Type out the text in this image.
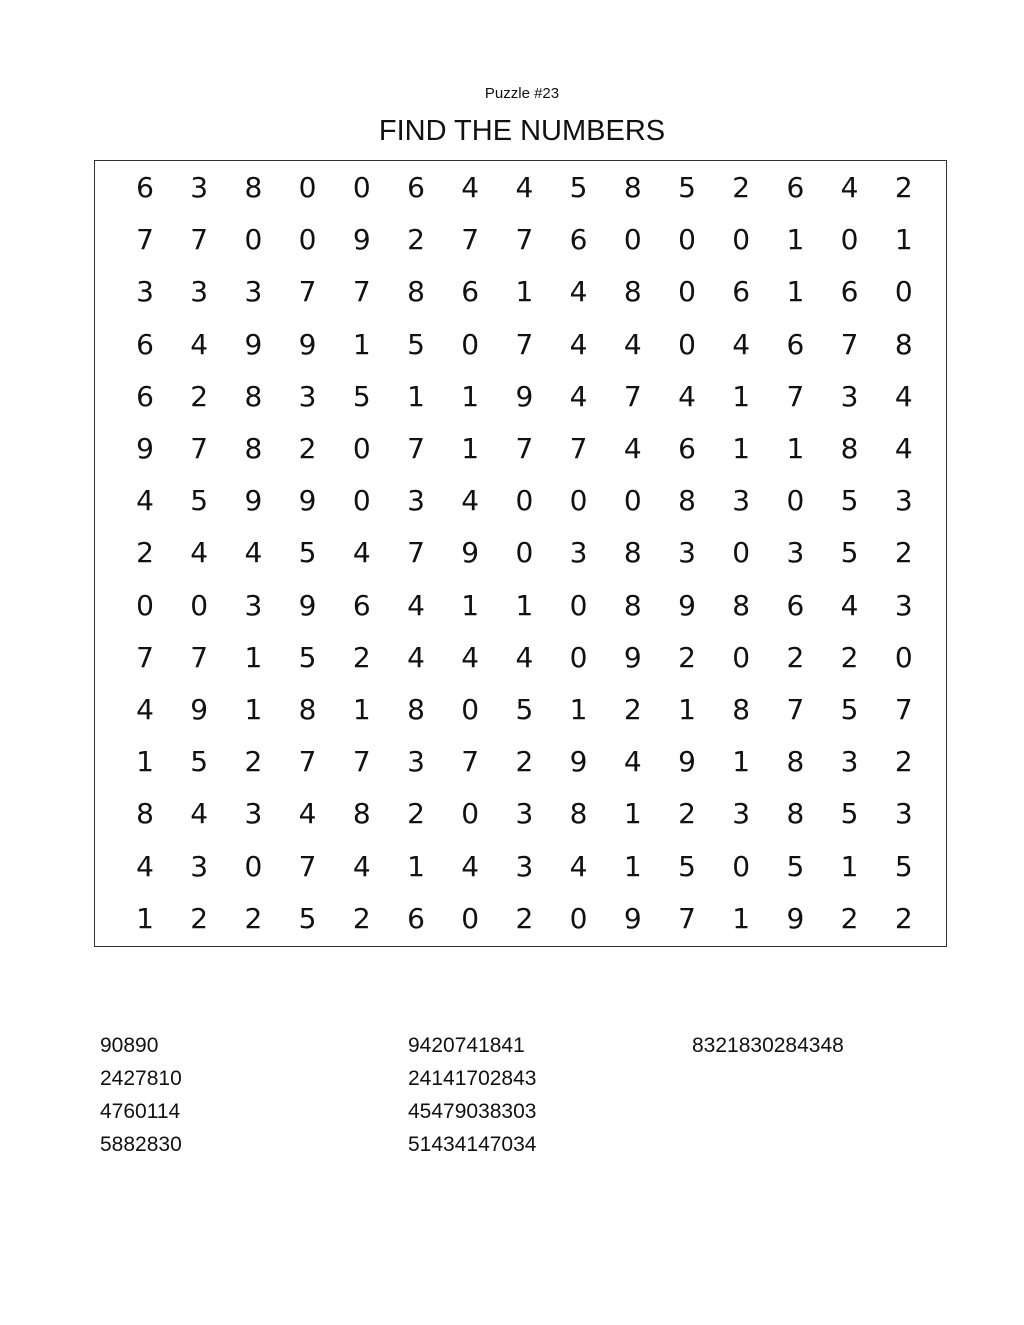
Puzzle #23
FIND THE NUMBERS
6	3	8	0	0	6	4	4	5	8	5	2	6	4	2
7	7	0	0	9	2	7	7	6	0	0	0	1	0	1
3	3	3	7	7	8	6	1	4	8	0	6	1	6	0
6	4	9	9	1	5	0	7	4	4	0	4	6	7	8
6	2	8	3	5	1	1	9	4	7	4	1	7	3	4
9	7	8	2	0	7	1	7	7	4	6	1	1	8	4
4	5	9	9	0	3	4	0	0	0	8	3	0	5	3
2	4	4	5	4	7	9	0	3	8	3	0	3	5	2
0	0	3	9	6	4	1	1	0	8	9	8	6	4	3
7	7	1	5	2	4	4	4	0	9	2	0	2	2	0
4	9	1	8	1	8	0	5	1	2	1	8	7	5	7
1	5	2	7	7	3	7	2	9	4	9	1	8	3	2
8	4	3	4	8	2	0	3	8	1	2	3	8	5	3
4	3	0	7	4	1	4	3	4	1	5	0	5	1	5
1	2	2	5	2	6	0	2	0	9	7	1	9	2	2
90890
2427810
4760114
5882830
9420741841
24141702843
45479038303
51434147034
8321830284348
